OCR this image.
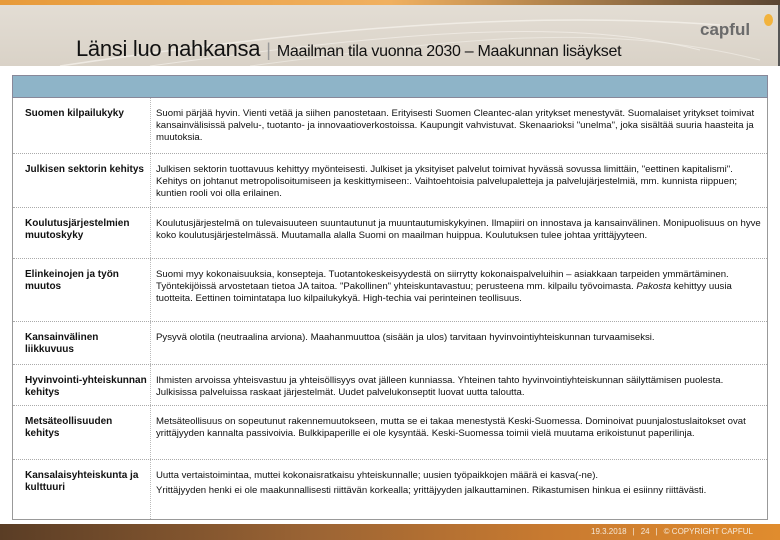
Länsi luo nahkansa | Maailman tila vuonna 2030 – Maakunnan lisäykset
capful
Suomen kilpailukyky	Suomi pärjää hyvin. Vienti vetää ja siihen panostetaan. Erityisesti Suomen Cleantec-alan yritykset menestyvät. Suomalaiset yritykset toimivat kansainvälisissä palvelu-, tuotanto- ja innovaatioverkostoissa. Kaupungit vahvistuvat. Skenaarioksi "unelma", joka sisältää suuria haasteita ja muutoksia.
Julkisen sektorin kehitys	Julkisen sektorin tuottavuus kehittyy myönteisesti. Julkiset ja yksityiset palvelut toimivat hyvässä sovussa limittäin, "eettinen kapitalismi". Kehitys on johtanut metropolisoitumiseen ja keskittymiseen:. Vaihtoehtoisia palvelupaletteja ja palvelujärjestelmiä, mm. kunnista riippuen; kuntien rooli voi olla erilainen.
Koulutusjärjestelmien muutoskyky
Koulutusjärjestelmä on tulevaisuuteen suuntautunut ja muuntautumiskykyinen. Ilmapiiri on innostava ja kansainvälinen. Monipuolisuus on hyve koko koulutusjärjestelmässä. Muutamalla alalla Suomi on maailman huippua. Koulutuksen tulee johtaa yrittäjyyteen.
Elinkeinojen ja työn muutos
Suomi myy kokonaisuuksia, konsepteja. Tuotantokeskeisyydestä on siirrytty kokonaispalveluihin – asiakkaan tarpeiden ymmärtäminen. Työntekijöissä arvostetaan tietoa JA taitoa. "Pakollinen" yhteiskuntavastuu; perusteena mm. kilpailu työvoimasta. Pakosta kehittyy uusia tuotteita. Eettinen toimintatapa luo kilpailukykyä. High-techia vai perinteinen teollisuus.
Kansainvälinen liikkuvuus
Pysyvä olotila (neutraalina arviona). Maahanmuuttoa (sisään ja ulos) tarvitaan hyvinvointiyhteiskunnan turvaamiseksi.
Hyvinvointi-yhteiskunnan kehitys
Ihmisten arvoissa yhteisvastuu ja yhteisöllisyys ovat jälleen kunniassa. Yhteinen tahto hyvinvointiyhteiskunnan säilyttämisen puolesta. Julkisissa palveluissa raskaat järjestelmät. Uudet palvelukonseptit luovat uutta taloutta.
Metsäteollisuuden kehitys
Metsäteollisuus on sopeutunut rakennemuutokseen, mutta se ei takaa menestystä Keski-Suomessa. Dominoivat puunjalostuslaitokset ovat yrittäjyyden kannalta passivoivia. Bulkkipaperille ei ole kysyntää. Keski-Suomessa toimii vielä muutama erikoistunut paperilinja.
Kansalaisyhteiskunta ja kulttuuri
Uutta vertaistoimintaa, muttei kokonaisratkaisu yhteiskunnalle; uusien työpaikkojen määrä ei kasva(-ne).
Yrittäjyyden henki ei ole maakunnallisesti riittävän korkealla; yrittäjyyden jalkauttaminen. Rikastumisen hinkua ei esiinny riittävästi.
19.3.2018 | 24 | © COPYRIGHT CAPFUL
